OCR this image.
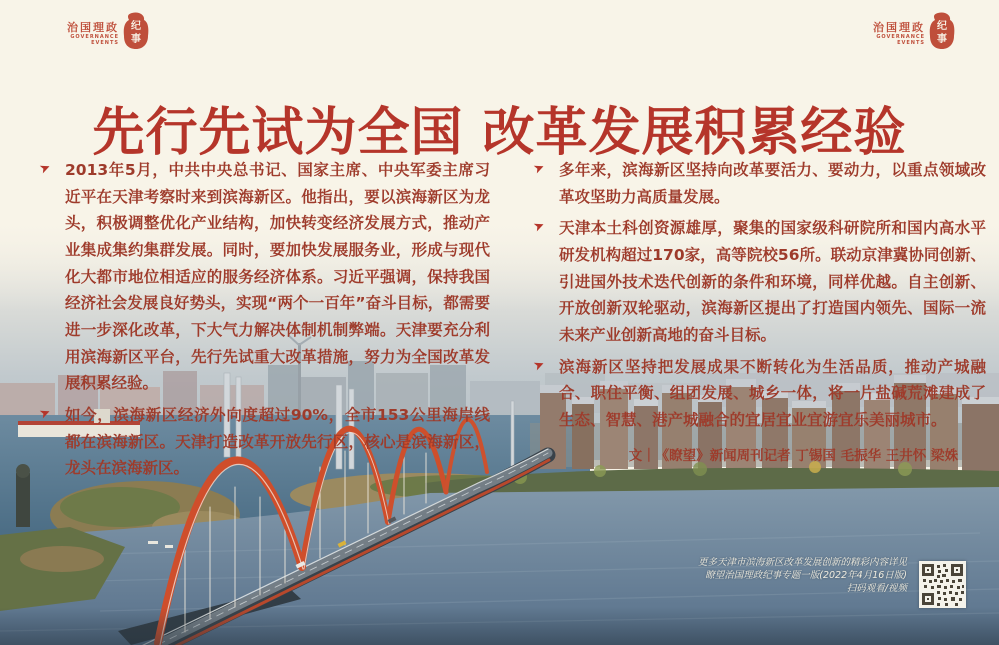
治国理政
GOVERNANCE EVENTS
纪
事
治国理政
GOVERNANCE EVENTS
纪
事
先行先试为全国 改革发展积累经验

➤ 2013年5月，中共中央总书记、国家主席、中央军委主席习近平在天津考察时来到滨海新区。他指出，要以滨海新区为龙头，积极调整优化产业结构，加快转变经济发展方式，推动产业集成集约集群发展。同时，要加快发展服务业，形成与现代化大都市地位相适应的服务经济体系。习近平强调，保持我国经济社会发展良好势头，实现“两个一百年”奋斗目标，都需要进一步深化改革，下大气力解决体制机制弊端。天津要充分利用滨海新区平台，先行先试重大改革措施，努力为全国改革发展积累经验。

➤ 如今，滨海新区经济外向度超过90%，全市153公里海岸线都在滨海新区。天津打造改革开放先行区，核心是滨海新区，龙头在滨海新区。

➤ 多年来，滨海新区坚持向改革要活力、要动力，以重点领域改革攻坚助力高质量发展。

➤ 天津本土科创资源雄厚，聚集的国家级科研院所和国内高水平研发机构超过170家，高等院校56所。联动京津冀协同创新、引进国外技术迭代创新的条件和环境，同样优越。自主创新、开放创新双轮驱动，滨海新区提出了打造国内领先、国际一流未来产业创新高地的奋斗目标。

➤ 滨海新区坚持把发展成果不断转化为生活品质，推动产城融合、职住平衡、组团发展、城乡一体，将一片盐碱荒滩建成了生态、智慧、港产城融合的宜居宜业宜游宜乐美丽城市。

文｜《瞭望》新闻周刊记者 丁锡国 毛振华 王井怀 梁姝
更多天津市滨海新区改革发展创新的精彩内容详见
瞭望治国理政纪事专题一版(2022年4月16日版)
扫码观看/视频
